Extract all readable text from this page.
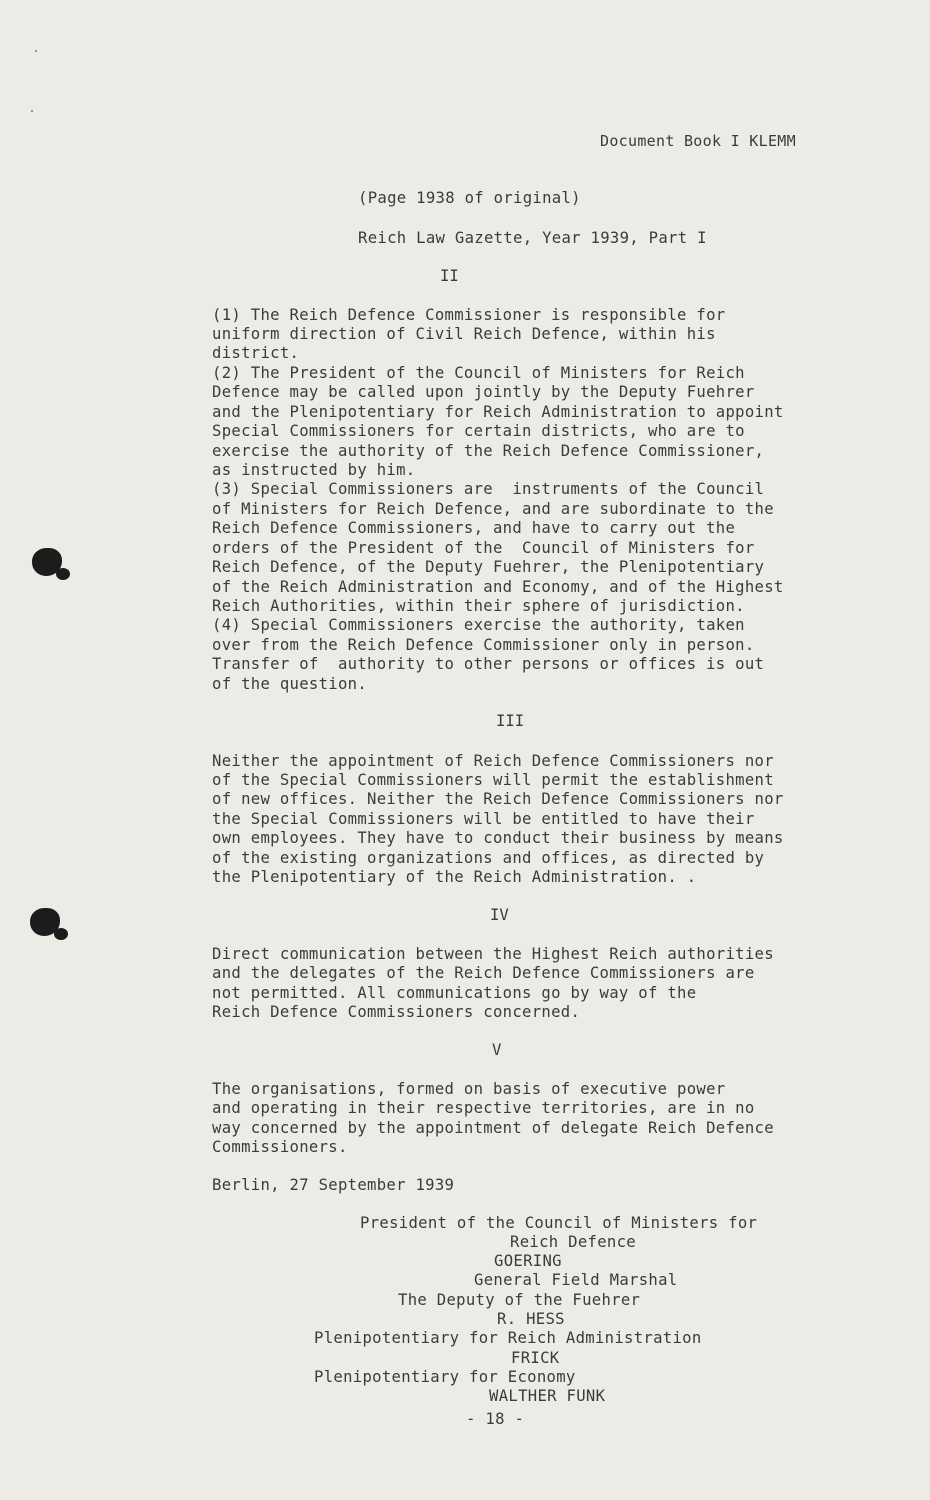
Document Book I KLEMM
(Page 1938 of original)
Reich Law Gazette, Year 1939, Part I
II
(1) The Reich Defence Commissioner is responsible for
uniform direction of Civil Reich Defence, within his
district.
(2) The President of the Council of Ministers for Reich
Defence may be called upon jointly by the Deputy Fuehrer
and the Plenipotentiary for Reich Administration to appoint
Special Commissioners for certain districts, who are to
exercise the authority of the Reich Defence Commissioner,
as instructed by him.
(3) Special Commissioners are  instruments of the Council
of Ministers for Reich Defence, and are subordinate to the
Reich Defence Commissioners, and have to carry out the
orders of the President of the  Council of Ministers for
Reich Defence, of the Deputy Fuehrer, the Plenipotentiary
of the Reich Administration and Economy, and of the Highest
Reich Authorities, within their sphere of jurisdiction.
(4) Special Commissioners exercise the authority, taken
over from the Reich Defence Commissioner only in person.
Transfer of  authority to other persons or offices is out
of the question.
III
Neither the appointment of Reich Defence Commissioners nor
of the Special Commissioners will permit the establishment
of new offices. Neither the Reich Defence Commissioners nor
the Special Commissioners will be entitled to have their
own employees. They have to conduct their business by means
of the existing organizations and offices, as directed by
the Plenipotentiary of the Reich Administration. .
IV
Direct communication between the Highest Reich authorities
and the delegates of the Reich Defence Commissioners are
not permitted. All communications go by way of the
Reich Defence Commissioners concerned.
V
The organisations, formed on basis of executive power
and operating in their respective territories, are in no
way concerned by the appointment of delegate Reich Defence
Commissioners.
Berlin, 27 September 1939
President of the Council of Ministers for
Reich Defence
GOERING
General Field Marshal
The Deputy of the Fuehrer
R. HESS
Plenipotentiary for Reich Administration
FRICK
Plenipotentiary for Economy
WALTHER FUNK
- 18 -
